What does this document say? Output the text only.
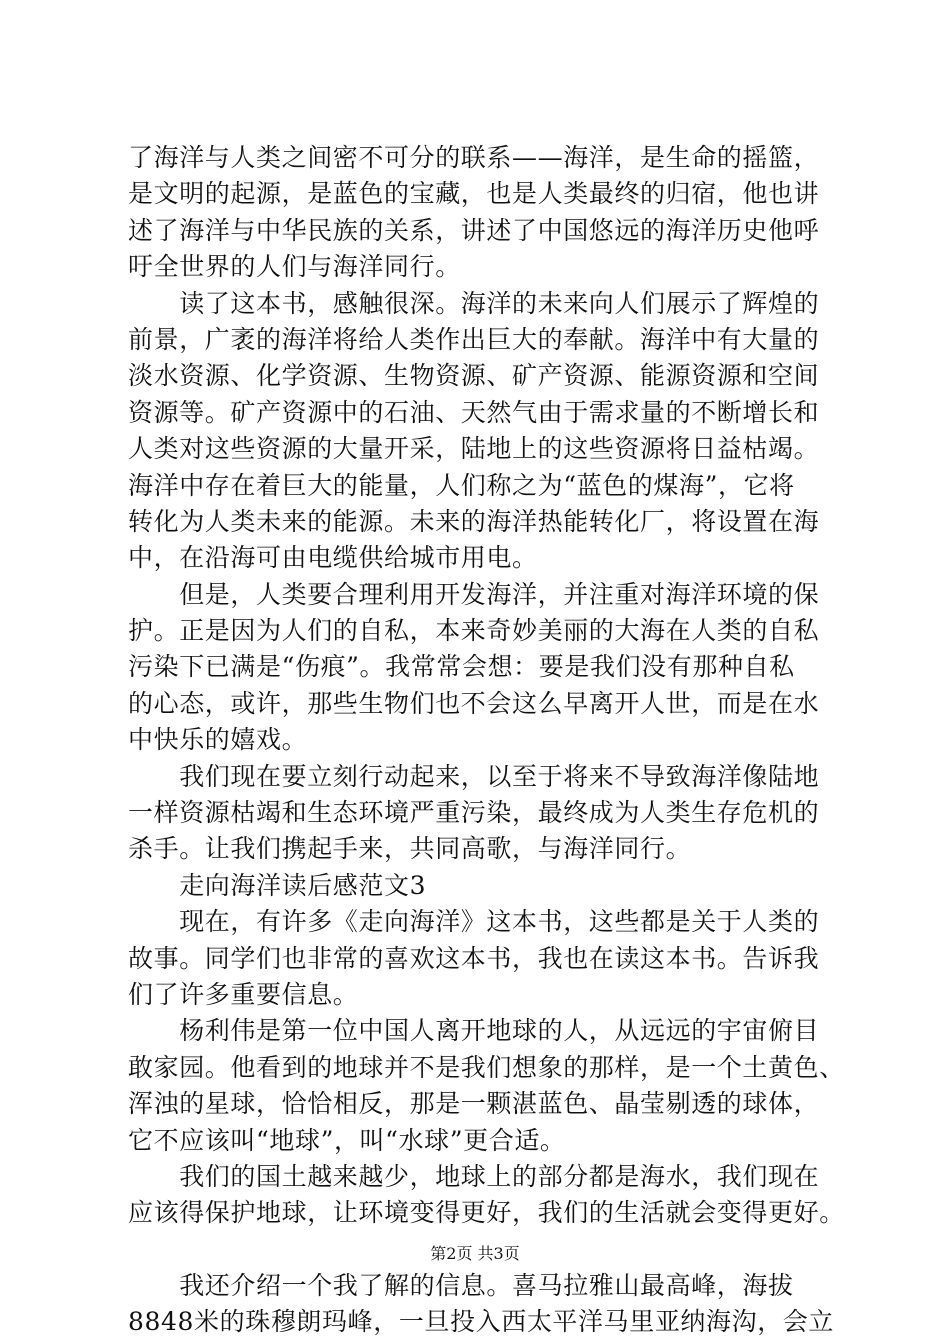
了海洋与人类之间密不可分的联系——海洋，是生命的摇篮，
是文明的起源，是蓝色的宝藏，也是人类最终的归宿，他也讲
述了海洋与中华民族的关系，讲述了中国悠远的海洋历史他呼
吁全世界的人们与海洋同行。
　　读了这本书，感触很深。海洋的未来向人们展示了辉煌的
前景，广袤的海洋将给人类作出巨大的奉献。海洋中有大量的
淡水资源、化学资源、生物资源、矿产资源、能源资源和空间
资源等。矿产资源中的石油、天然气由于需求量的不断增长和
人类对这些资源的大量开采，陆地上的这些资源将日益枯竭。
海洋中存在着巨大的能量，人们称之为“蓝色的煤海”，它将
转化为人类未来的能源。未来的海洋热能转化厂，将设置在海
中，在沿海可由电缆供给城市用电。
　　但是，人类要合理利用开发海洋，并注重对海洋环境的保
护。正是因为人们的自私，本来奇妙美丽的大海在人类的自私
污染下已满是“伤痕”。我常常会想：要是我们没有那种自私
的心态，或许，那些生物们也不会这么早离开人世，而是在水
中快乐的嬉戏。
　　我们现在要立刻行动起来，以至于将来不导致海洋像陆地
一样资源枯竭和生态环境严重污染，最终成为人类生存危机的
杀手。让我们携起手来，共同高歌，与海洋同行。
　　走向海洋读后感范文3
　　现在，有许多《走向海洋》这本书，这些都是关于人类的
故事。同学们也非常的喜欢这本书，我也在读这本书。告诉我
们了许多重要信息。
　　杨利伟是第一位中国人离开地球的人，从远远的宇宙俯目
敢家园。他看到的地球并不是我们想象的那样，是一个土黄色、
浑浊的星球，恰恰相反，那是一颗湛蓝色、晶莹剔透的球体，
它不应该叫“地球”，叫“水球”更合适。
　　我们的国土越来越少，地球上的部分都是海水，我们现在
应该得保护地球，让环境变得更好，我们的生活就会变得更好。
　　我还介绍一个我了解的信息。喜马拉雅山最高峰，海拔
8848米的珠穆朗玛峰，一旦投入西太平洋马里亚纳海沟，会立
第2页 共3页
